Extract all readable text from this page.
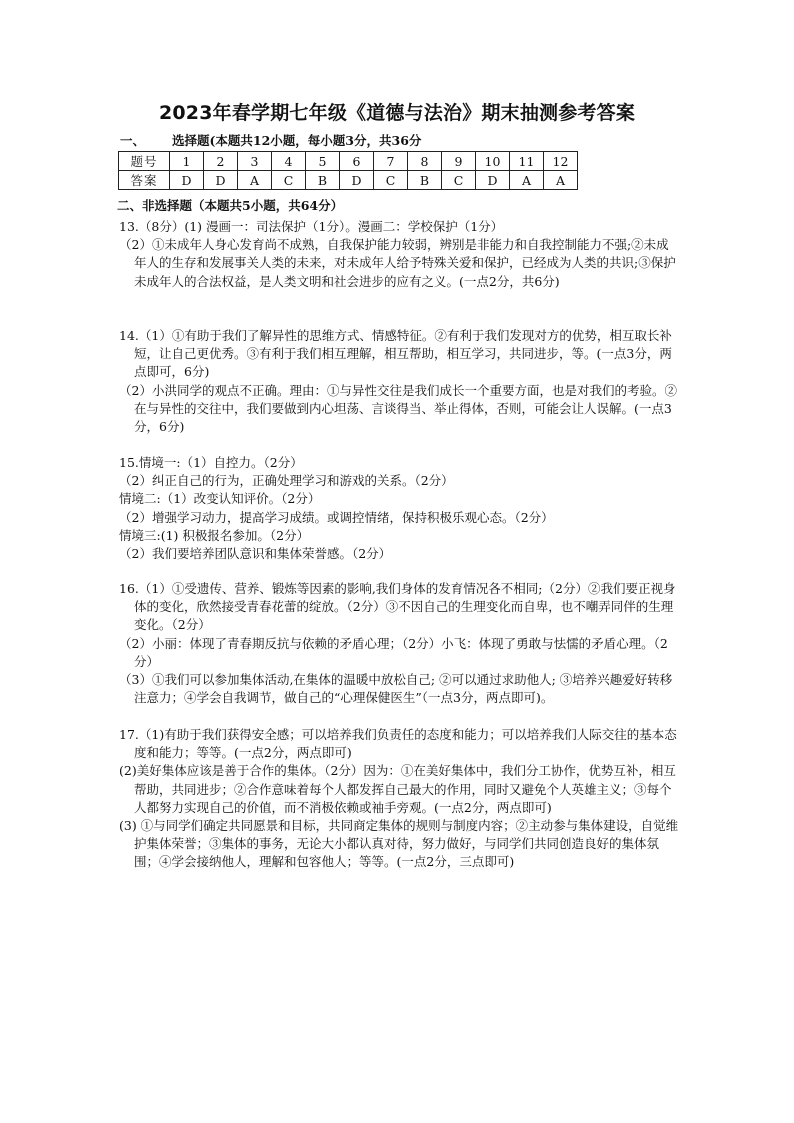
2023年春学期七年级《道德与法治》期末抽测参考答案
一、 选择题(本题共12小题，每小题3分，共36分
题号	1	2	3	4	5	6	7	8	9	10	11	12
答案	D	D	A	C	B	D	C	B	C	D	A	A
二、非选择题（本题共5小题，共64分）

13.（8分）(1) 漫画一：司法保护（1分）。漫画二：学校保护（1分）

（2）①未成年人身心发育尚不成熟，自我保护能力较弱，辨别是非能力和自我控制能力不强;②未成年人的生存和发展事关人类的未来，对未成年人给予特殊关爱和保护，已经成为人类的共识;③保护未成年人的合法权益，是人类文明和社会进步的应有之义。(一点2分，共6分)

14.（1）①有助于我们了解异性的思维方式、情感特征。②有利于我们发现对方的优势，相互取长补短，让自己更优秀。③有利于我们相互理解，相互帮助，相互学习，共同进步，等。(一点3分，两点即可，6分)

（2）小洪同学的观点不正确。理由：①与异性交往是我们成长一个重要方面，也是对我们的考验。②在与异性的交往中，我们要做到内心坦荡、言谈得当、举止得体，否则，可能会让人误解。(一点3分，6分)

15.情境一:（1）自控力。（2分）

（2）纠正自己的行为，正确处理学习和游戏的关系。（2分）

情境二:（1）改变认知评价。（2分）

（2）增强学习动力，提高学习成绩。或调控情绪，保持积极乐观心态。（2分）

情境三:(1) 积极报名参加。（2分）

（2）我们要培养团队意识和集体荣誉感。（2分）

16.（1）①受遗传、营养、锻炼等因素的影响,我们身体的发育情况各不相同;（2分）②我们要正视身体的变化，欣然接受青春花蕾的绽放。（2分）③不因自己的生理变化而自卑，也不嘲弄同伴的生理变化。（2分）

（2）小丽：体现了青春期反抗与依赖的矛盾心理；（2分）小飞：体现了勇敢与怯懦的矛盾心理。（2分）

（3）①我们可以参加集体活动,在集体的温暖中放松自己; ②可以通过求助他人; ③培养兴趣爱好转移注意力；④学会自我调节，做自己的“心理保健医生”（一点3分，两点即可)。

17.（1)有助于我们获得安全感；可以培养我们负责任的态度和能力；可以培养我们人际交往的基本态度和能力；等等。(一点2分，两点即可)

(2)美好集体应该是善于合作的集体。（2分）因为：①在美好集体中，我们分工协作，优势互补，相互帮助，共同进步；②合作意味着每个人都发挥自己最大的作用，同时又避免个人英雄主义；③每个人都努力实现自己的价值，而不消极依赖或袖手旁观。(一点2分，两点即可)

(3) ①与同学们确定共同愿景和目标，共同商定集体的规则与制度内容；②主动参与集体建设，自觉维护集体荣誉；③集体的事务，无论大小都认真对待，努力做好，与同学们共同创造良好的集体氛围；④学会接纳他人，理解和包容他人；等等。(一点2分，三点即可)
